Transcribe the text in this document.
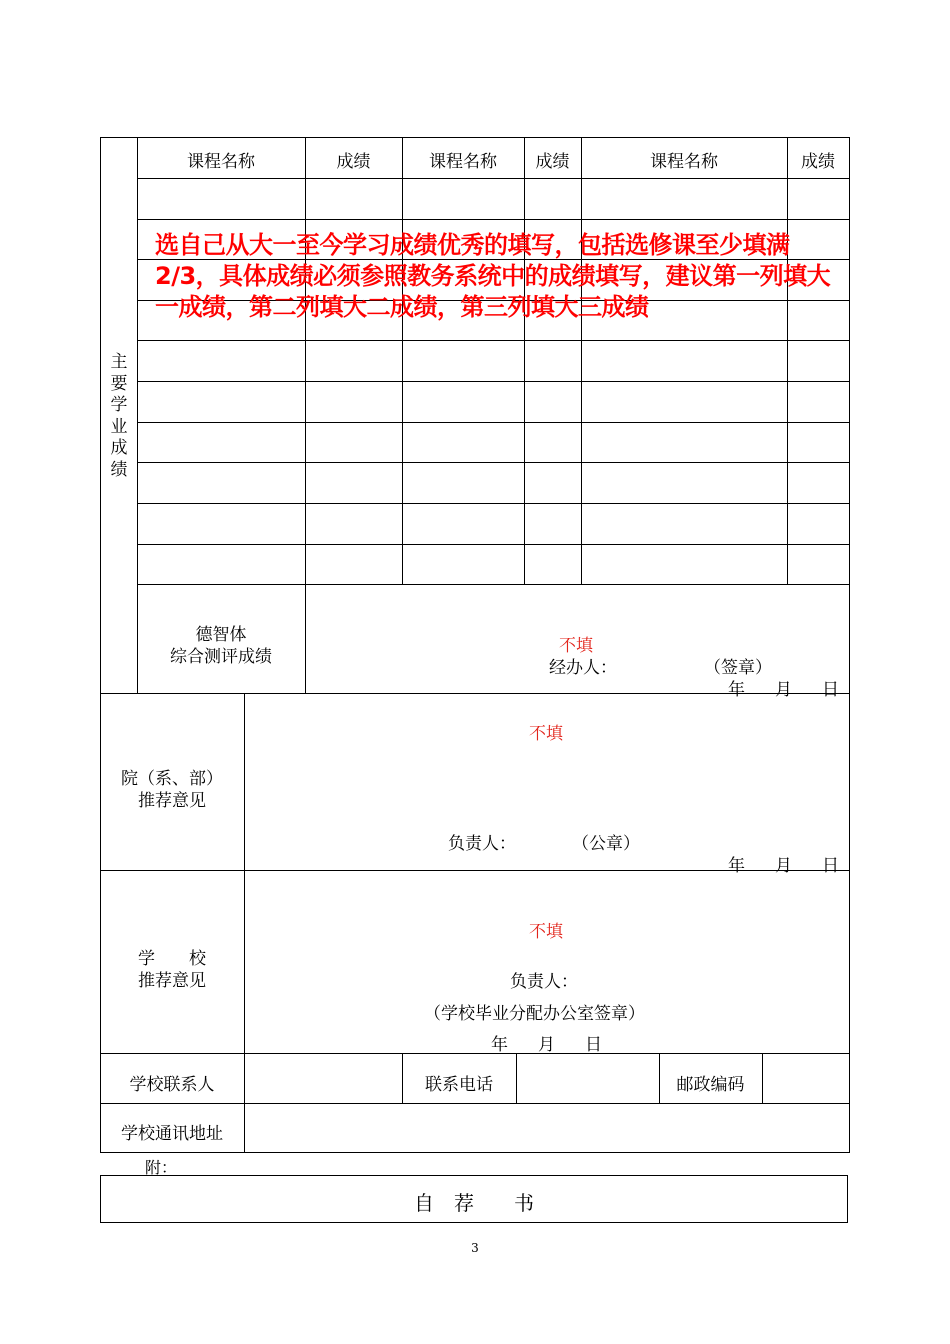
课程名称	成绩	课程名称	成绩	课程名称	成绩
主
要
学
业
成
绩
选自己从大一至今学习成绩优秀的填写，包括选修课至少填满2/3，具体成绩必须参照教务系统中的成绩填写，建议第一列填大一成绩，第二列填大二成绩，第三列填大三成绩
德智体
综合测评成绩
不填
经办人：	（签章）
年 月 日
院（系、部）
推荐意见
不填
负责人：	（公章）
年 月 日
学　　校
推荐意见
不填
负责人：
（学校毕业分配办公室签章）
年 月 日
学校联系人	联系电话	邮政编码
学校通讯地址
附：
自　荐　　书
3
